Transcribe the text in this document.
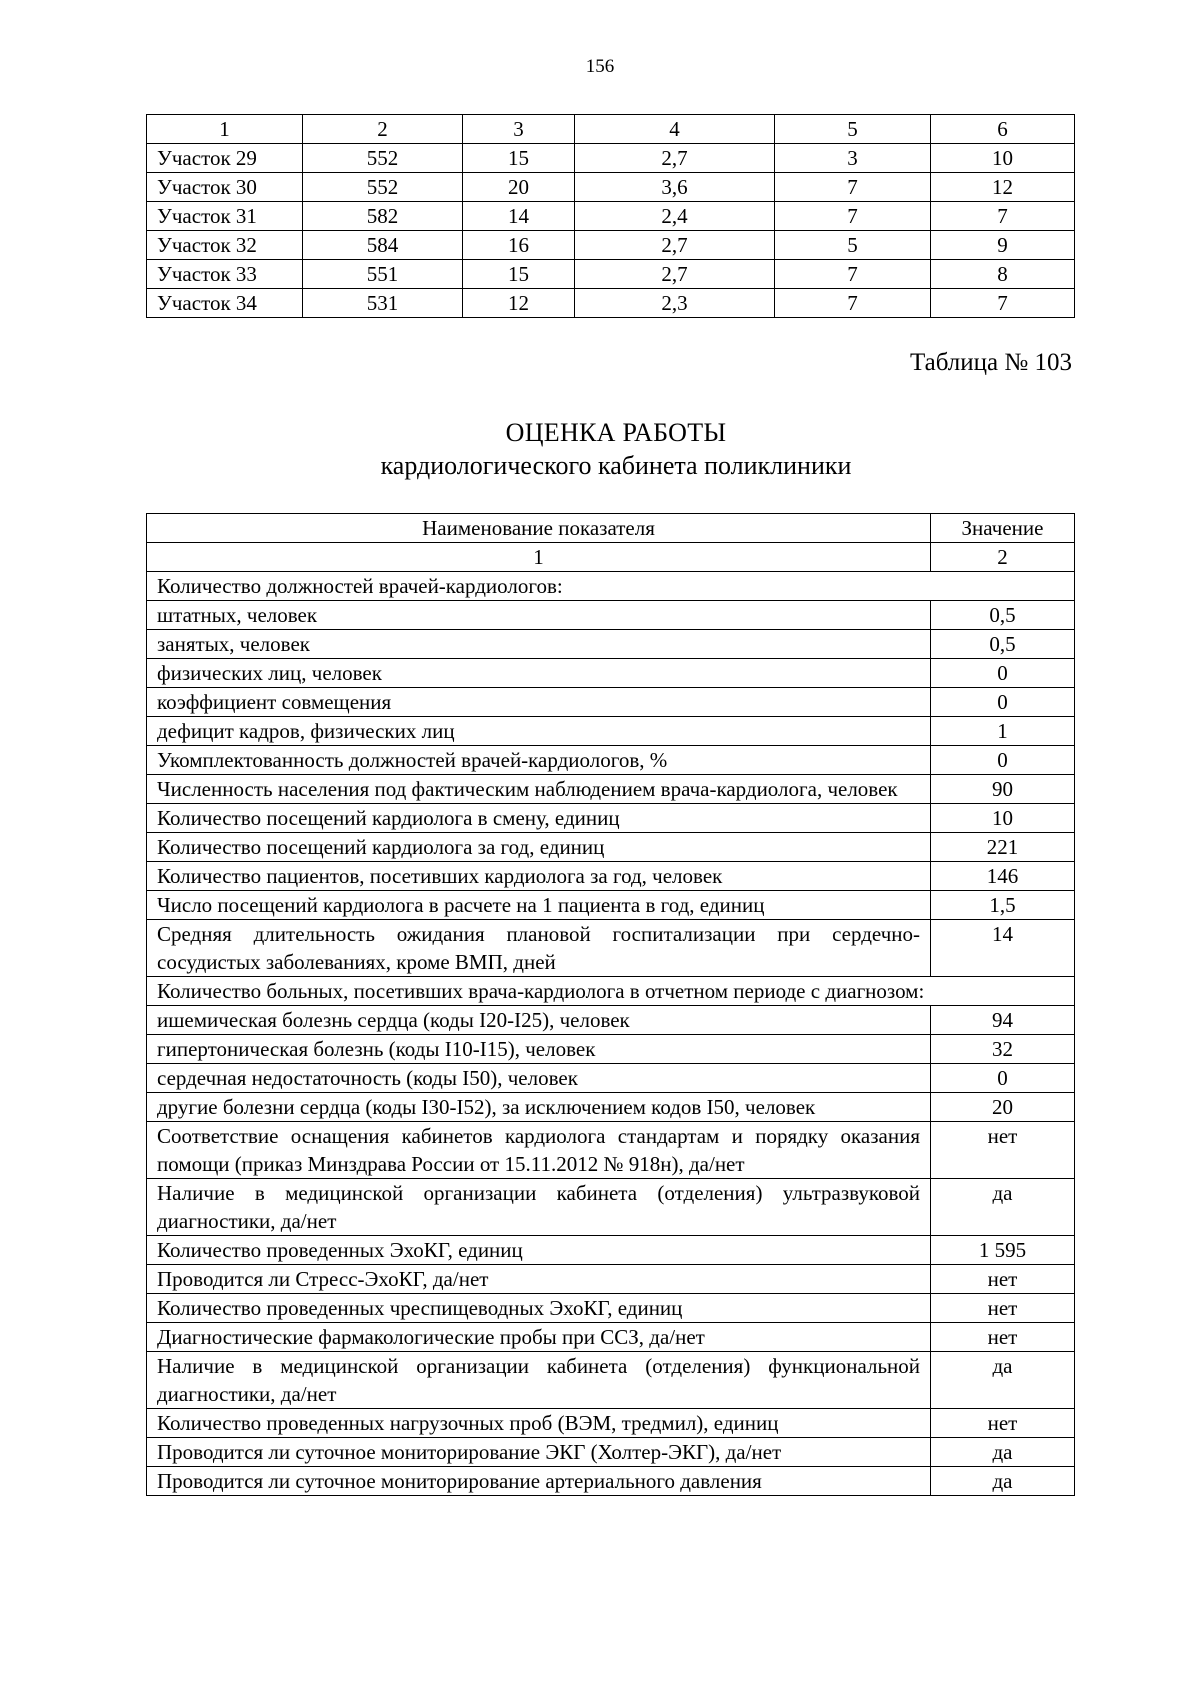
156
1	2	3	4	5	6
Участок 29	552	15	2,7	3	10
Участок 30	552	20	3,6	7	12
Участок 31	582	14	2,4	7	7
Участок 32	584	16	2,7	5	9
Участок 33	551	15	2,7	7	8
Участок 34	531	12	2,3	7	7
Таблица № 103
ОЦЕНКА РАБОТЫ
кардиологического кабинета поликлиники
Наименование показателя	Значение
1	2
Количество должностей врачей-кардиологов:	
штатных, человек	0,5
занятых, человек	0,5
физических лиц, человек	0
коэффициент совмещения	0
дефицит кадров, физических лиц	1
Укомплектованность должностей врачей-кардиологов, %	0
Численность населения под фактическим наблюдением врача-кардиолога, человек	90
Количество посещений кардиолога в смену, единиц	10
Количество посещений кардиолога за год, единиц	221
Количество пациентов, посетивших кардиолога за год, человек	146
Число посещений кардиолога в расчете на 1 пациента в год, единиц	1,5
Средняя длительность ожидания плановой госпитализации при сердечно-сосудистых заболеваниях, кроме ВМП, дней	14
Количество больных, посетивших врача-кардиолога в отчетном периоде с диагнозом:	
ишемическая болезнь сердца (коды I20-I25), человек	94
гипертоническая болезнь (коды I10-I15), человек	32
сердечная недостаточность (коды I50), человек	0
другие болезни сердца (коды I30-I52), за исключением кодов I50, человек	20
Соответствие оснащения кабинетов кардиолога стандартам и порядку оказания помощи (приказ Минздрава России от 15.11.2012 № 918н), да/нет	нет
Наличие в медицинской организации кабинета (отделения) ультразвуковой диагностики, да/нет	да
Количество проведенных ЭхоКГ, единиц	1 595
Проводится ли Стресс-ЭхоКГ, да/нет	нет
Количество проведенных чреспищеводных ЭхоКГ, единиц	нет
Диагностические фармакологические пробы при ССЗ, да/нет	нет
Наличие в медицинской организации кабинета (отделения) функциональной диагностики, да/нет	да
Количество проведенных нагрузочных проб (ВЭМ, тредмил), единиц	нет
Проводится ли суточное мониторирование ЭКГ (Холтер-ЭКГ), да/нет	да
Проводится ли суточное мониторирование артериального давления	да
